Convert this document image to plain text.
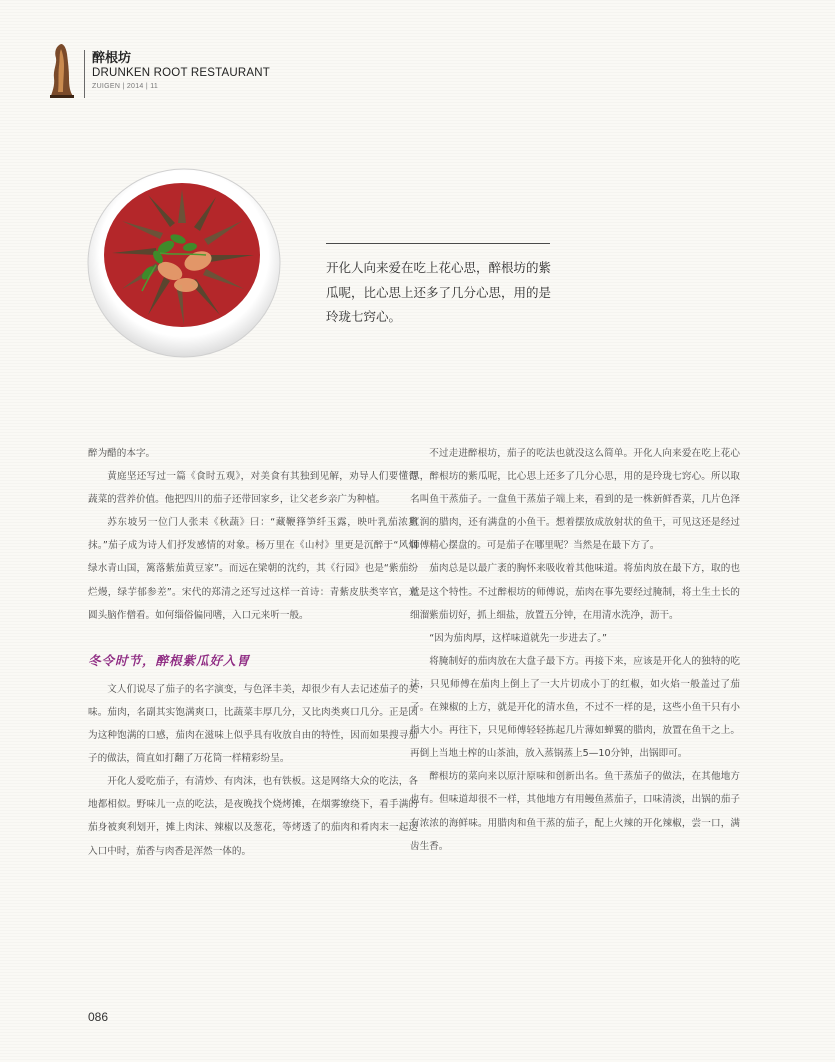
醉根坊
DRUNKEN ROOT RESTAURANT
ZUIGEN | 2014 | 11
开化人向来爱在吃上花心思，醉根坊的紫瓜呢，比心思上还多了几分心思，用的是玲珑七窍心。

醉为醋的本字。

黄庭坚还写过一篇《食时五观》，对美食有其独到见解，劝导人们要懂得蔬菜的营养价值。他把四川的茄子还带回家乡，让父老乡亲广为种植。

苏东坡另一位门人张耒《秋蔬》曰：“藏鞭箨笋纤玉露，映叶乳茄浓黛抹。”茄子成为诗人们抒发感情的对象。杨万里在《山村》里更是沉醉于“风烟绿水青山国，篱落紫茄黄豆家”。而远在梁朝的沈约，其《行园》也是“紫茄纷烂熳，绿芋郁参差”。宋代的郑清之还写过这样一首诗：青紫皮肤类宰官，光圆头脑作僧看。如何缁俗偏同嗜，入口元来听一般。

冬令时节，醉根紫瓜好入胃

文人们说尽了茄子的名字演变，与色泽丰美，却很少有人去记述茄子的美味。茄肉，名副其实饱满爽口，比蔬菜丰厚几分，又比肉类爽口几分。正是因为这种饱满的口感，茄肉在滋味上似乎具有收放自由的特性，因而如果搜寻茄子的做法，简直如打翻了万花筒一样精彩纷呈。

开化人爱吃茄子，有清炒、有肉沫，也有铁板。这是网络大众的吃法，各地都相似。野味儿一点的吃法，是夜晚找个烧烤摊，在烟雾缭绕下，看手满的茄身被爽利划开，摊上肉沫、辣椒以及葱花，等烤透了的茄肉和肴肉末一起送入口中时，茄香与肉香是浑然一体的。

不过走进醉根坊，茄子的吃法也就没这么简单。开化人向来爱在吃上花心思，醉根坊的紫瓜呢，比心思上还多了几分心思，用的是玲珑七窍心。所以取名叫鱼干蒸茄子。一盘鱼干蒸茄子端上来，看到的是一株新鲜香菜，几片色泽红润的腊肉，还有满盘的小鱼干。想着摆放成放射状的鱼干，可见这还是经过师傅精心摆盘的。可是茄子在哪里呢？当然是在最下方了。

茄肉总是以最广袤的胸怀来吸收着其他味道。将茄肉放在最下方，取的也就是这个特性。不过醉根坊的师傅说，茄肉在事先要经过腌制，将土生土长的细溜紫茄切好，抓上细盐，放置五分钟，在用清水洗净，沥干。

“因为茄肉厚，这样味道就先一步进去了。”

将腌制好的茄肉放在大盘子最下方。再接下来，应该是开化人的独特的吃法，只见师傅在茄肉上倒上了一大片切成小丁的红椒，如火焰一般盖过了茄子。在辣椒的上方，就是开化的清水鱼，不过不一样的是，这些小鱼干只有小指大小。再往下，只见师傅轻轻拣起几片薄如蝉翼的腊肉，放置在鱼干之上。再倒上当地土榨的山茶油，放入蒸锅蒸上5—10分钟，出锅即可。

醉根坊的菜向来以原汁原味和创新出名。鱼干蒸茄子的做法，在其他地方也有。但味道却很不一样，其他地方有用鳗鱼蒸茄子，口味清淡，出锅的茄子有浓浓的海鲜味。用腊肉和鱼干蒸的茄子，配上火辣的开化辣椒，尝一口，满齿生香。

086
